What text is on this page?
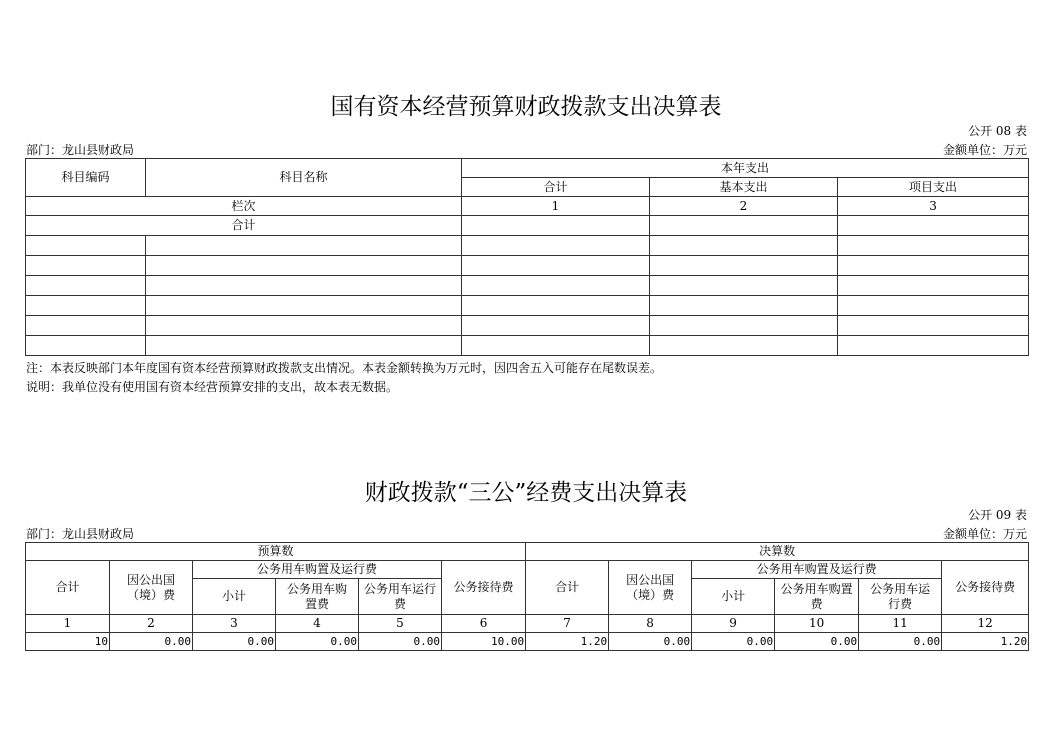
国有资本经营预算财政拨款支出决算表
公开 08 表
部门：龙山县财政局	金额单位：万元
科目编码	科目名称	本年支出		
		合计	基本支出	项目支出
栏次		1	2	3
合计				

注：本表反映部门本年度国有资本经营预算财政拨款支出情况。本表金额转换为万元时，因四舍五入可能存在尾数误差。
说明：我单位没有使用国有资本经营预算安排的支出，故本表无数据。
财政拨款“三公”经费支出决算表
公开 09 表
部门：龙山县财政局	金额单位：万元
预算数						决算数					
合计	因公出国（境）费	公务用车购置及运行费			公务接待费	合计	因公出国（境）费	公务用车购置及运行费			公务接待费
		小计	公务用车购置费	公务用车运行费				小计	公务用车购置费	公务用车运行费	
1	2	3	4	5	6	7	8	9	10	11	12
10	0.00	0.00	0.00	0.00	10.00	1.20	0.00	0.00	0.00	0.00	1.20
